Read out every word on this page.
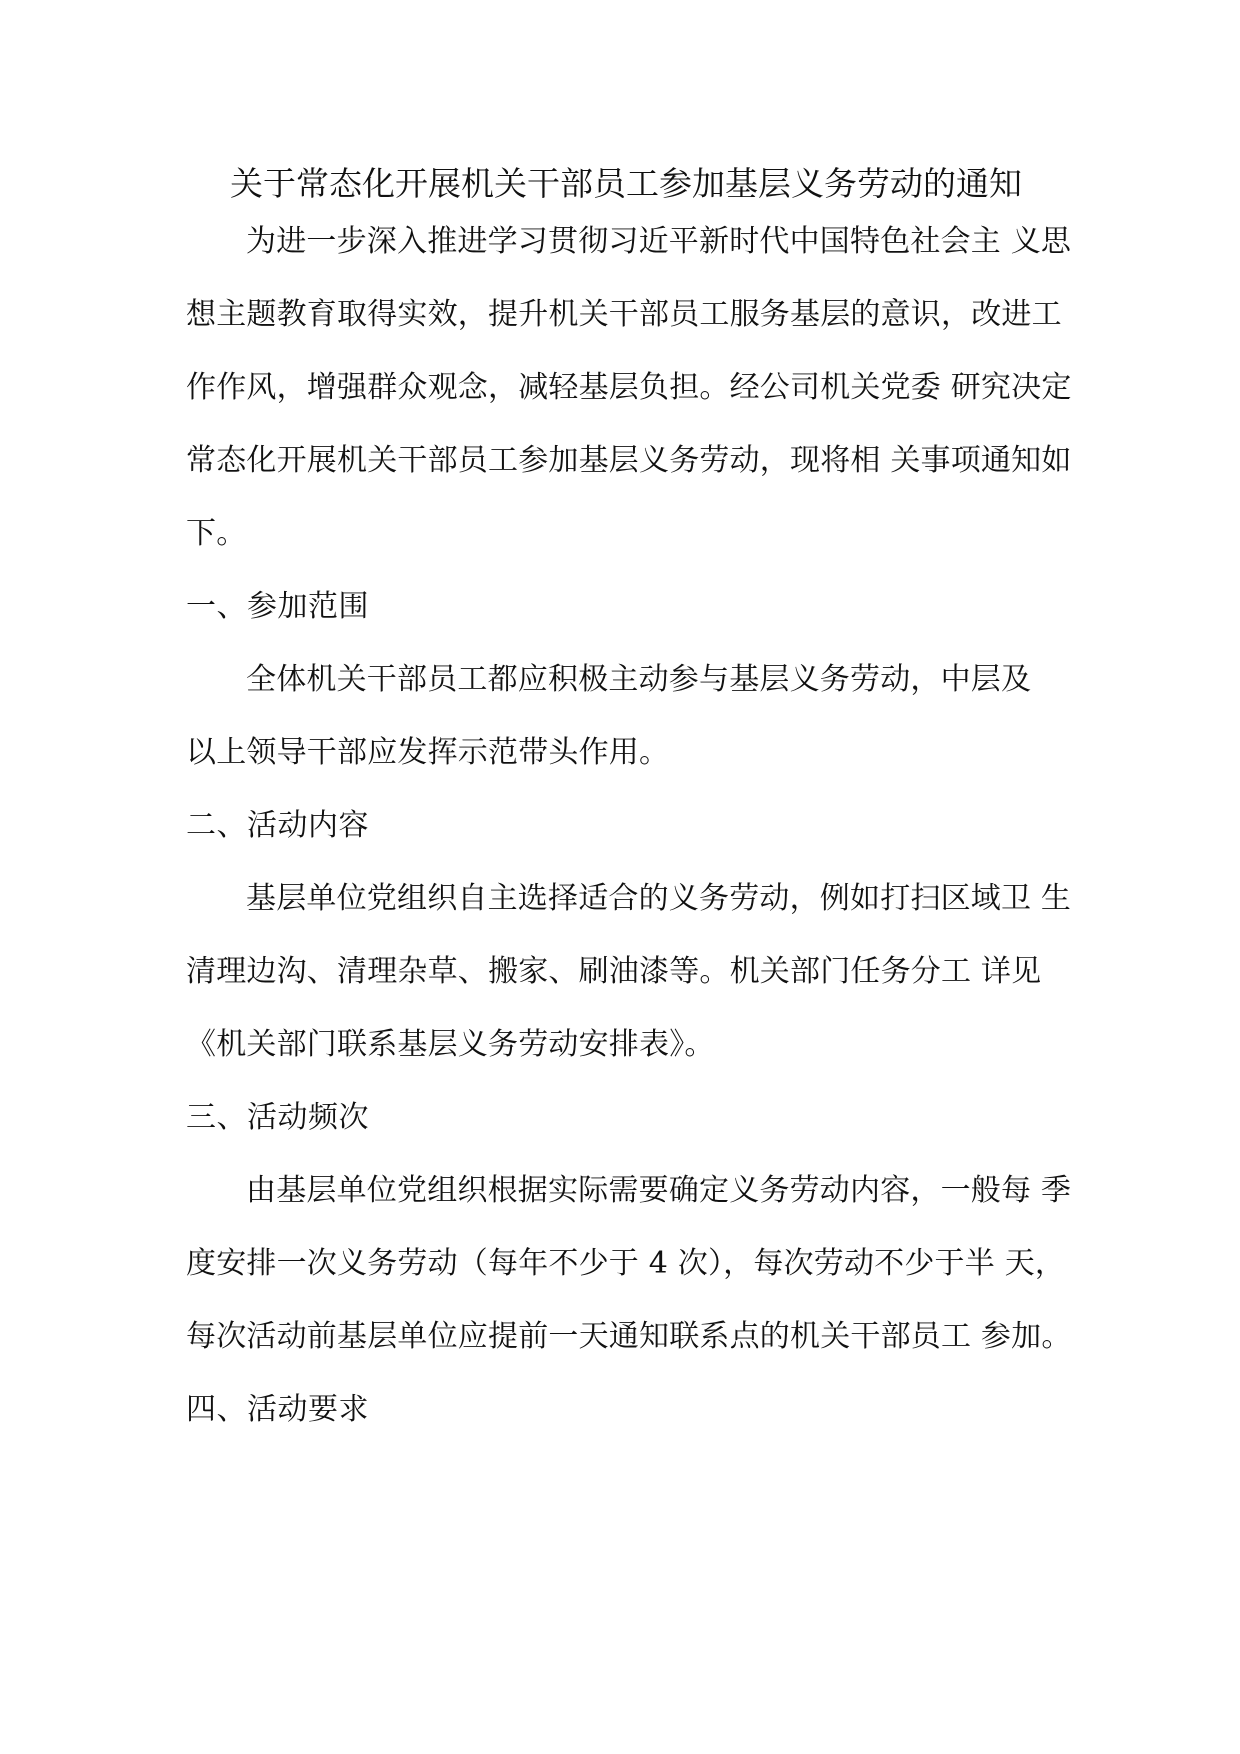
关于常态化开展机关干部员工参加基层义务劳动的通知
为进一步深入推进学习贯彻习近平新时代中国特色社会主 义思
想主题教育取得实效，提升机关干部员工服务基层的意识，改进工
作作风，增强群众观念，减轻基层负担。经公司机关党委 研究决定
常态化开展机关干部员工参加基层义务劳动，现将相 关事项通知如
下。
一、参加范围
全体机关干部员工都应积极主动参与基层义务劳动，中层及
以上领导干部应发挥示范带头作用。
二、活动内容
基层单位党组织自主选择适合的义务劳动，例如打扫区域卫 生
清理边沟、清理杂草、搬家、刷油漆等。机关部门任务分工 详见
《机关部门联系基层义务劳动安排表》。
三、活动频次
由基层单位党组织根据实际需要确定义务劳动内容，一般每 季
度安排一次义务劳动（每年不少于 4 次），每次劳动不少于半 天，
每次活动前基层单位应提前一天通知联系点的机关干部员工 参加。
四、活动要求
